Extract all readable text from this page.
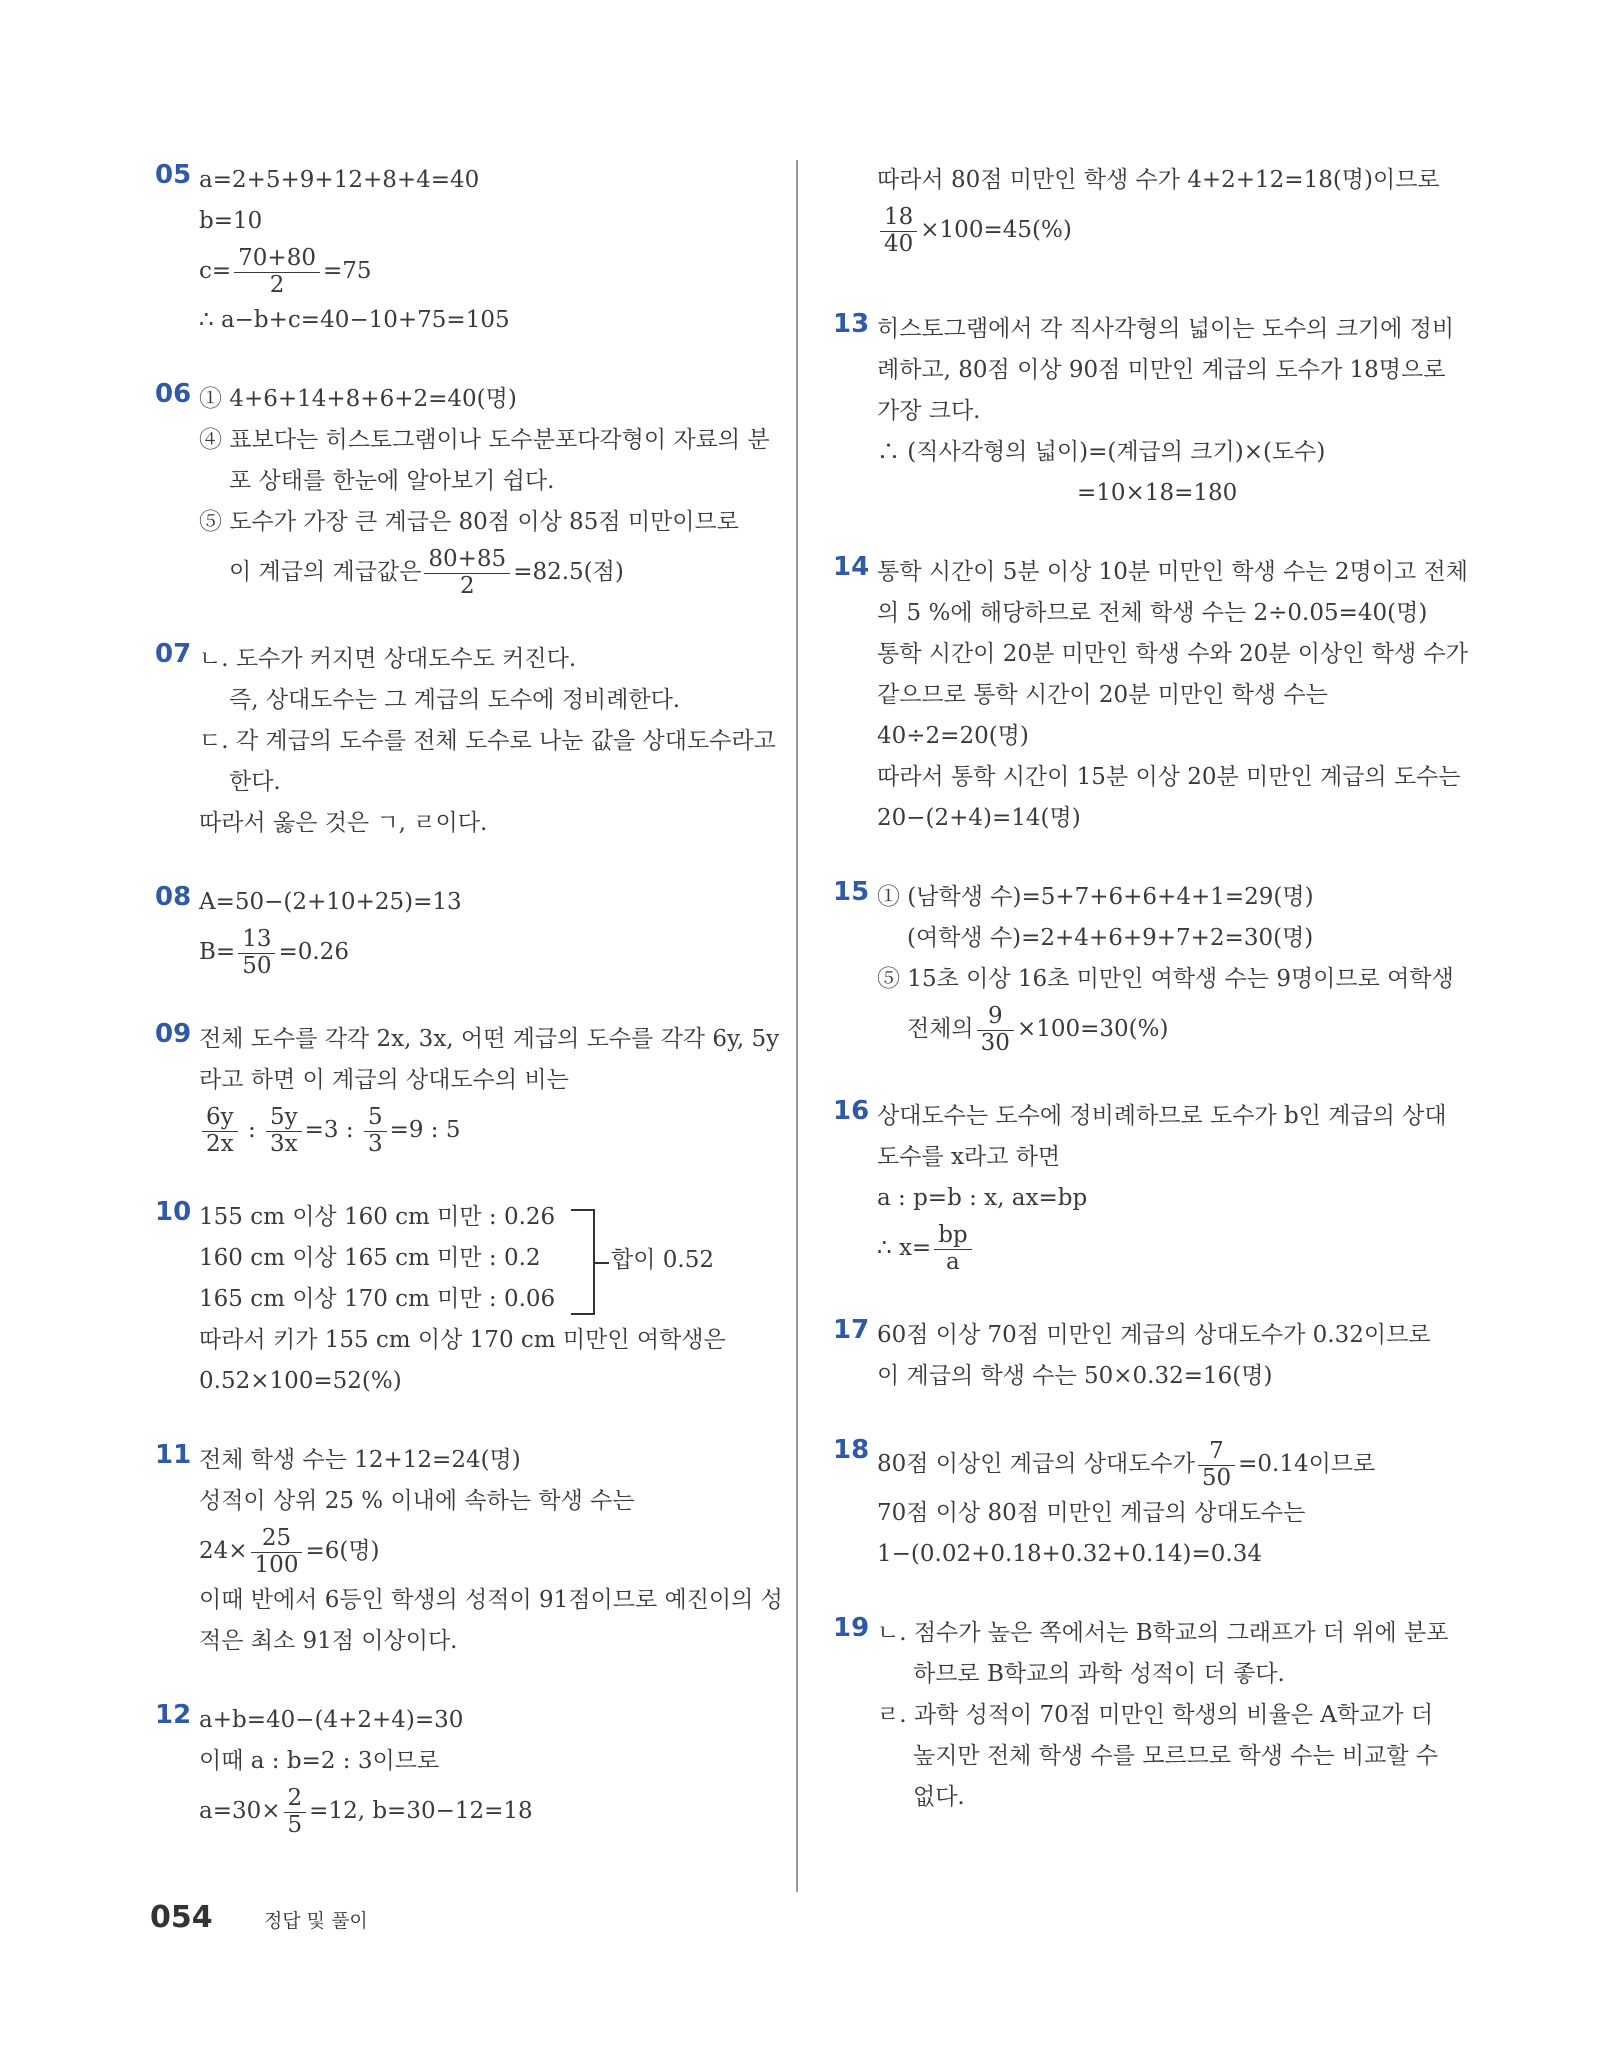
05 a=2+5+9+12+8+4=40
b=10
$c= \frac{70+80}{2} =75$
∴ a−b+c=40−10+75=105
06 ① 4+6+14+8+6+2=40(명)
④ 표보다는 히스토그램이나 도수분포다각형이 자료의 분
포 상태를 한눈에 알아보기 쉽다.
⑤ 도수가 가장 큰 계급은 80점 이상 85점 미만이므로
이 계급의 계급값은 $\frac{80+85}{2} =82.5$(점)
07 ㄴ. 도수가 커지면 상대도수도 커진다.
즉, 상대도수는 그 계급의 도수에 정비례한다.
ㄷ. 각 계급의 도수를 전체 도수로 나눈 값을 상대도수라고
한다.
따라서 옳은 것은 ㄱ, ㄹ이다.
08 A=50−(2+10+25)=13
$B= \frac{13}{50} =0.26$
09 전체 도수를 각각 2x, 3x, 어떤 계급의 도수를 각각 6y, 5y
라고 하면 이 계급의 상대도수의 비는
$\frac{6y}{2x}$ : $\frac{5y}{3x} =3$ : $\frac{5}{3} =9$ : 5
10 155 cm 이상 160 cm 미만 : 0.26
160 cm 이상 165 cm 미만 : 0.2
165 cm 이상 170 cm 미만 : 0.06
합이 0.52
따라서 키가 155 cm 이상 170 cm 미만인 여학생은
0.52×100=52(%)
11 전체 학생 수는 12+12=24(명)
성적이 상위 25 % 이내에 속하는 학생 수는
$24\times \frac{25}{100} =6$(명)
이때 반에서 6등인 학생의 성적이 91점이므로 예진이의 성
적은 최소 91점 이상이다.
12 a+b=40−(4+2+4)=30
이때 a : b=2 : 3이므로
$a=30\times \frac{2}{5} =12$, b=30−12=18
따라서 80점 미만인 학생 수가 4+2+12=18(명)이므로
$\frac{18}{40} \times 100=45(\%)$
13 히스토그램에서 각 직사각형의 넓이는 도수의 크기에 정비
례하고, 80점 이상 90점 미만인 계급의 도수가 18명으로
가장 크다.
∴ (직사각형의 넓이)=(계급의 크기)×(도수)
=10×18=180
14 통학 시간이 5분 이상 10분 미만인 학생 수는 2명이고 전체
의 5 %에 해당하므로 전체 학생 수는 2÷0.05=40(명)
통학 시간이 20분 미만인 학생 수와 20분 이상인 학생 수가
같으므로 통학 시간이 20분 미만인 학생 수는
40÷2=20(명)
따라서 통학 시간이 15분 이상 20분 미만인 계급의 도수는
20−(2+4)=14(명)
15 ① (남학생 수)=5+7+6+6+4+1=29(명)
(여학생 수)=2+4+6+9+7+2=30(명)
⑤ 15초 이상 16초 미만인 여학생 수는 9명이므로 여학생
전체의 $\frac{9}{30} \times 100=30(\%)$
16 상대도수는 도수에 정비례하므로 도수가 b인 계급의 상대
도수를 x라고 하면
a : p=b : x, ax=bp
∴ $x= \frac{bp}{a}$
17 60점 이상 70점 미만인 계급의 상대도수가 0.32이므로
이 계급의 학생 수는 50×0.32=16(명)
18 80점 이상인 계급의 상대도수가 $\frac{7}{50} =0.14$이므로
70점 이상 80점 미만인 계급의 상대도수는
1−(0.02+0.18+0.32+0.14)=0.34
19 ㄴ. 점수가 높은 쪽에서는 B학교의 그래프가 더 위에 분포
하므로 B학교의 과학 성적이 더 좋다.
ㄹ. 과학 성적이 70점 미만인 학생의 비율은 A학교가 더
높지만 전체 학생 수를 모르므로 학생 수는 비교할 수
없다.
054	정답 및 풀이
